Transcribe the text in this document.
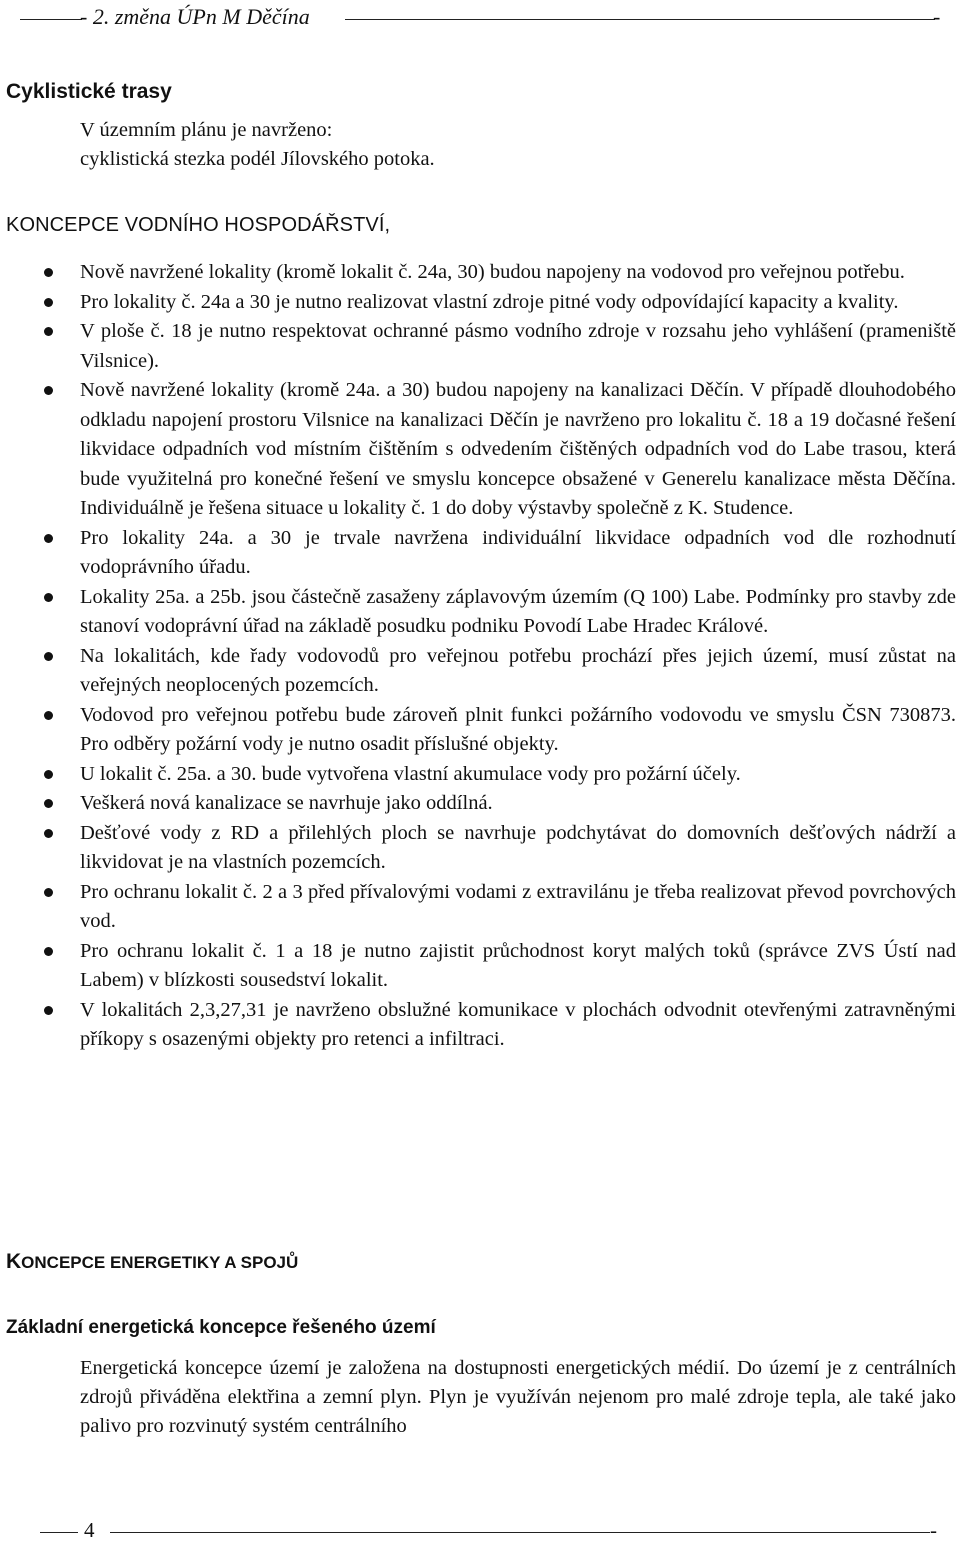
- 2. změna ÚPn M Děčína	-
Cyklistické trasy
V územním plánu je navrženo:
cyklistická stezka podél Jílovského potoka.
KONCEPCE VODNÍHO HOSPODÁŘSTVÍ,
Nově navržené lokality (kromě lokalit č. 24a, 30) budou napojeny na vodovod pro veřejnou potřebu.
Pro lokality č. 24a a 30 je nutno realizovat vlastní zdroje pitné vody odpovídající kapacity a kvality.
V ploše č. 18 je nutno respektovat ochranné pásmo vodního zdroje v rozsahu jeho vyhlášení (prameniště Vilsnice).
Nově navržené lokality (kromě 24a. a 30) budou napojeny na kanalizaci Děčín. V případě dlouhodobého odkladu napojení prostoru Vilsnice na kanalizaci Děčín je navrženo pro lokalitu č. 18 a 19 dočasné řešení likvidace odpadních vod místním čištěním s odvedením čištěných odpadních vod do Labe trasou, která bude využitelná pro konečné řešení ve smyslu koncepce obsažené v Generelu kanalizace města Děčína. Individuálně je řešena situace u lokality č. 1 do doby výstavby společně z K. Studence.
Pro lokality 24a. a 30 je trvale navržena individuální likvidace odpadních vod dle rozhodnutí vodoprávního úřadu.
Lokality 25a. a 25b. jsou částečně zasaženy záplavovým územím (Q 100) Labe. Podmínky pro stavby zde stanoví vodoprávní úřad na základě posudku podniku Povodí Labe Hradec Králové.
Na lokalitách, kde řady vodovodů pro veřejnou potřebu prochází přes jejich území, musí zůstat na veřejných neoplocených pozemcích.
Vodovod pro veřejnou potřebu bude zároveň plnit funkci požárního vodovodu ve smyslu ČSN 730873. Pro odběry požární vody je nutno osadit příslušné objekty.
U lokalit č. 25a. a 30. bude vytvořena vlastní akumulace vody pro požární účely.
Veškerá nová kanalizace se navrhuje jako oddílná.
Dešťové vody z RD a přilehlých ploch se navrhuje podchytávat do domovních dešťových nádrží a likvidovat je na vlastních pozemcích.
Pro ochranu lokalit č. 2 a 3 před přívalovými vodami z extravilánu je třeba realizovat převod povrchových vod.
Pro ochranu lokalit č. 1 a 18 je nutno zajistit průchodnost koryt malých toků (správce ZVS Ústí nad Labem) v blízkosti sousedství lokalit.
V lokalitách 2,3,27,31 je navrženo obslužné komunikace v plochách odvodnit otevřenými zatravněnými příkopy s osazenými objekty pro retenci a infiltraci.
KONCEPCE ENERGETIKY A SPOJŮ
Základní energetická koncepce řešeného území
Energetická koncepce území je založena na dostupnosti energetických médií. Do území je z centrálních zdrojů přiváděna elektřina a zemní plyn. Plyn je využíván nejenom pro malé zdroje tepla, ale také jako palivo pro rozvinutý systém centrálního
4	-
